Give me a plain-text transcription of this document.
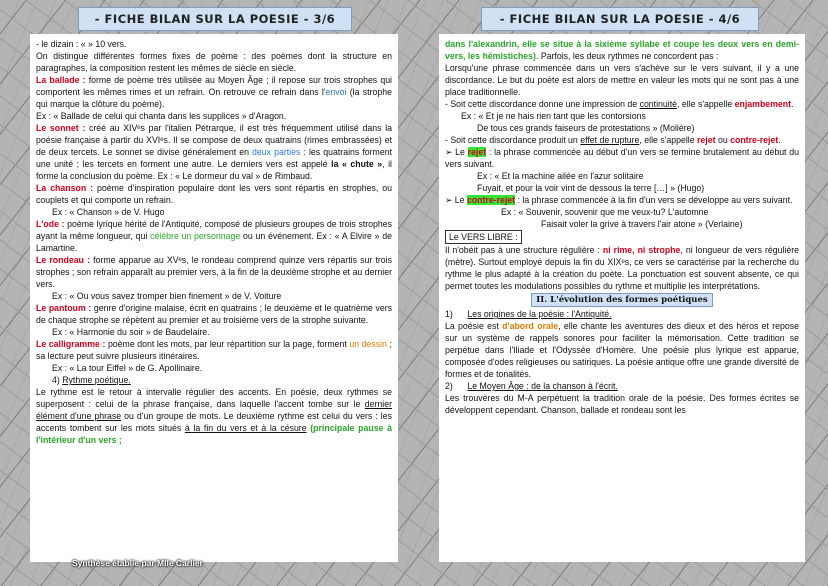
- FICHE BILAN SUR LA POESIE - 3/6	- FICHE BILAN SUR LA POESIE - 4/6

- le dizain : « » 10 vers.

On distingue différentes formes fixes de poème : des poèmes dont la structure en paragraphes, la composition restent les mêmes de siècle en siècle.

La ballade : forme de poème très utilisée au Moyen Âge ; il repose sur trois strophes qui comportent les mêmes rimes et un refrain. On retrouve ce refrain dans l'envoi (la strophe qui marque la clôture du poème).

Ex : « Ballade de celui qui chanta dans les supplices » d'Aragon.

Le sonnet : créé au XIVᵉs par l'italien Pétrarque, il est très fréquemment utilisé dans la poésie française à partir du XVIᵉs. Il se compose de deux quatrains (rimes embrassées) et de deux tercets. Le sonnet se divise généralement en deux parties : les quatrains forment une unité ; les tercets en forment une autre. Le derniers vers est appelé la « chute », il forme la conclusion du poème. Ex : « Le dormeur du val » de Rimbaud.

La chanson : poème d'inspiration populaire dont les vers sont répartis en strophes, ou couplets et qui comporte un refrain.

Ex : « Chanson » de V. Hugo

L'ode : poème lyrique hérité de l'Antiquité, composé de plusieurs groupes de trois strophes ayant la même longueur, qui célèbre un personnage ou un événement. Ex : « A Elvire » de Lamartine.

Le rondeau : forme apparue au XVᵉs, le rondeau comprend quinze vers répartis sur trois strophes ; son refrain apparaît au premier vers, à la fin de la deuxième strophe et au dernier vers.

Ex : « Ou vous savez tromper bien finement » de V. Voiture

Le pantoum : genre d'origine malaise, écrit en quatrains ; le deuxième et le quatrième vers de chaque strophe se répètent au premier et au troisième vers de la strophe suivante.

Ex : « Harmonie du soir » de Baudelaire.

Le calligramme : poème dont les mots, par leur répartition sur la page, forment un dessin ; sa lecture peut suivre plusieurs itinéraires.

Ex : « La tour Eiffel » de G. Apollinaire.

4) Rythme poétique.

Le rythme est le retour à intervalle régulier des accents. En poésie, deux rythmes se superposent : celui de la phrase française, dans laquelle l'accent tombe sur le dernier élément d'une phrase ou d'un groupe de mots. Le deuxième rythme est celui du vers : les accents tombent sur les mots situés à la fin du vers et à la césure (principale pause à l'intérieur d'un vers ;

dans l'alexandrin, elle se situe à la sixième syllabe et coupe les deux vers en demi-vers, les hémistiches). Parfois, les deux rythmes ne concordent pas :

Lorsqu'une phrase commencée dans un vers s'achève sur le vers suivant, il y a une discordance. Le but du poète est alors de mettre en valeur les mots qui ne sont pas à une place traditionnelle.

- Soit cette discordance donne une impression de continuité, elle s'appelle enjambement.

Ex : « Et je ne hais rien tant que les contorsions

De tous ces grands faiseurs de protestations » (Molière)

- Soit cette discordance produit un effet de rupture, elle s'appelle rejet ou contre-rejet.

➢ Le rejet : la phrase commencée au début d'un vers se termine brutalement au début du vers suivant.

Ex : « Et la machine ailée en l'azur solitaire

Fuyait, et pour la voir vint de dessous la terre […] » (Hugo)

➢ Le contre-rejet : la phrase commencée à la fin d'un vers se développe au vers suivant.

Ex : « Souvenir, souvenir que me veux-tu? L'automne

Faisait voler la grive à travers l'air atone » (Verlaine)

Le VERS LIBRE :

Il n'obéit pas à une structure régulière : ni rime, ni strophe, ni longueur de vers régulière (mètre). Surtout employé depuis la fin du XIXᵉs, ce vers se caractérise par la recherche du rythme le plus adapté à la création du poète. La ponctuation est souvent absente, ce qui permet toutes les modulations possibles du rythme et multiplie les interprétations.

II. L'évolution des formes poétiques

1) Les origines de la poésie : l'Antiquité.

La poésie est d'abord orale, elle chante les aventures des dieux et des héros et repose sur un système de rappels sonores pour faciliter la mémorisation. Cette tradition se perpétue dans l'Iliade et l'Odyssée d'Homère. Une poésie plus lyrique est apparue, composée d'odes religieuses ou satiriques. La poésie antique offre une grande diversité de formes et de tonalités.

2) Le Moyen Âge : de la chanson à l'écrit.

Les trouvères du M-A perpétuent la tradition orale de la poésie. Des formes écrites se développent cependant. Chanson, ballade et rondeau sont les

Synthèse établie par Mlle Carlier
